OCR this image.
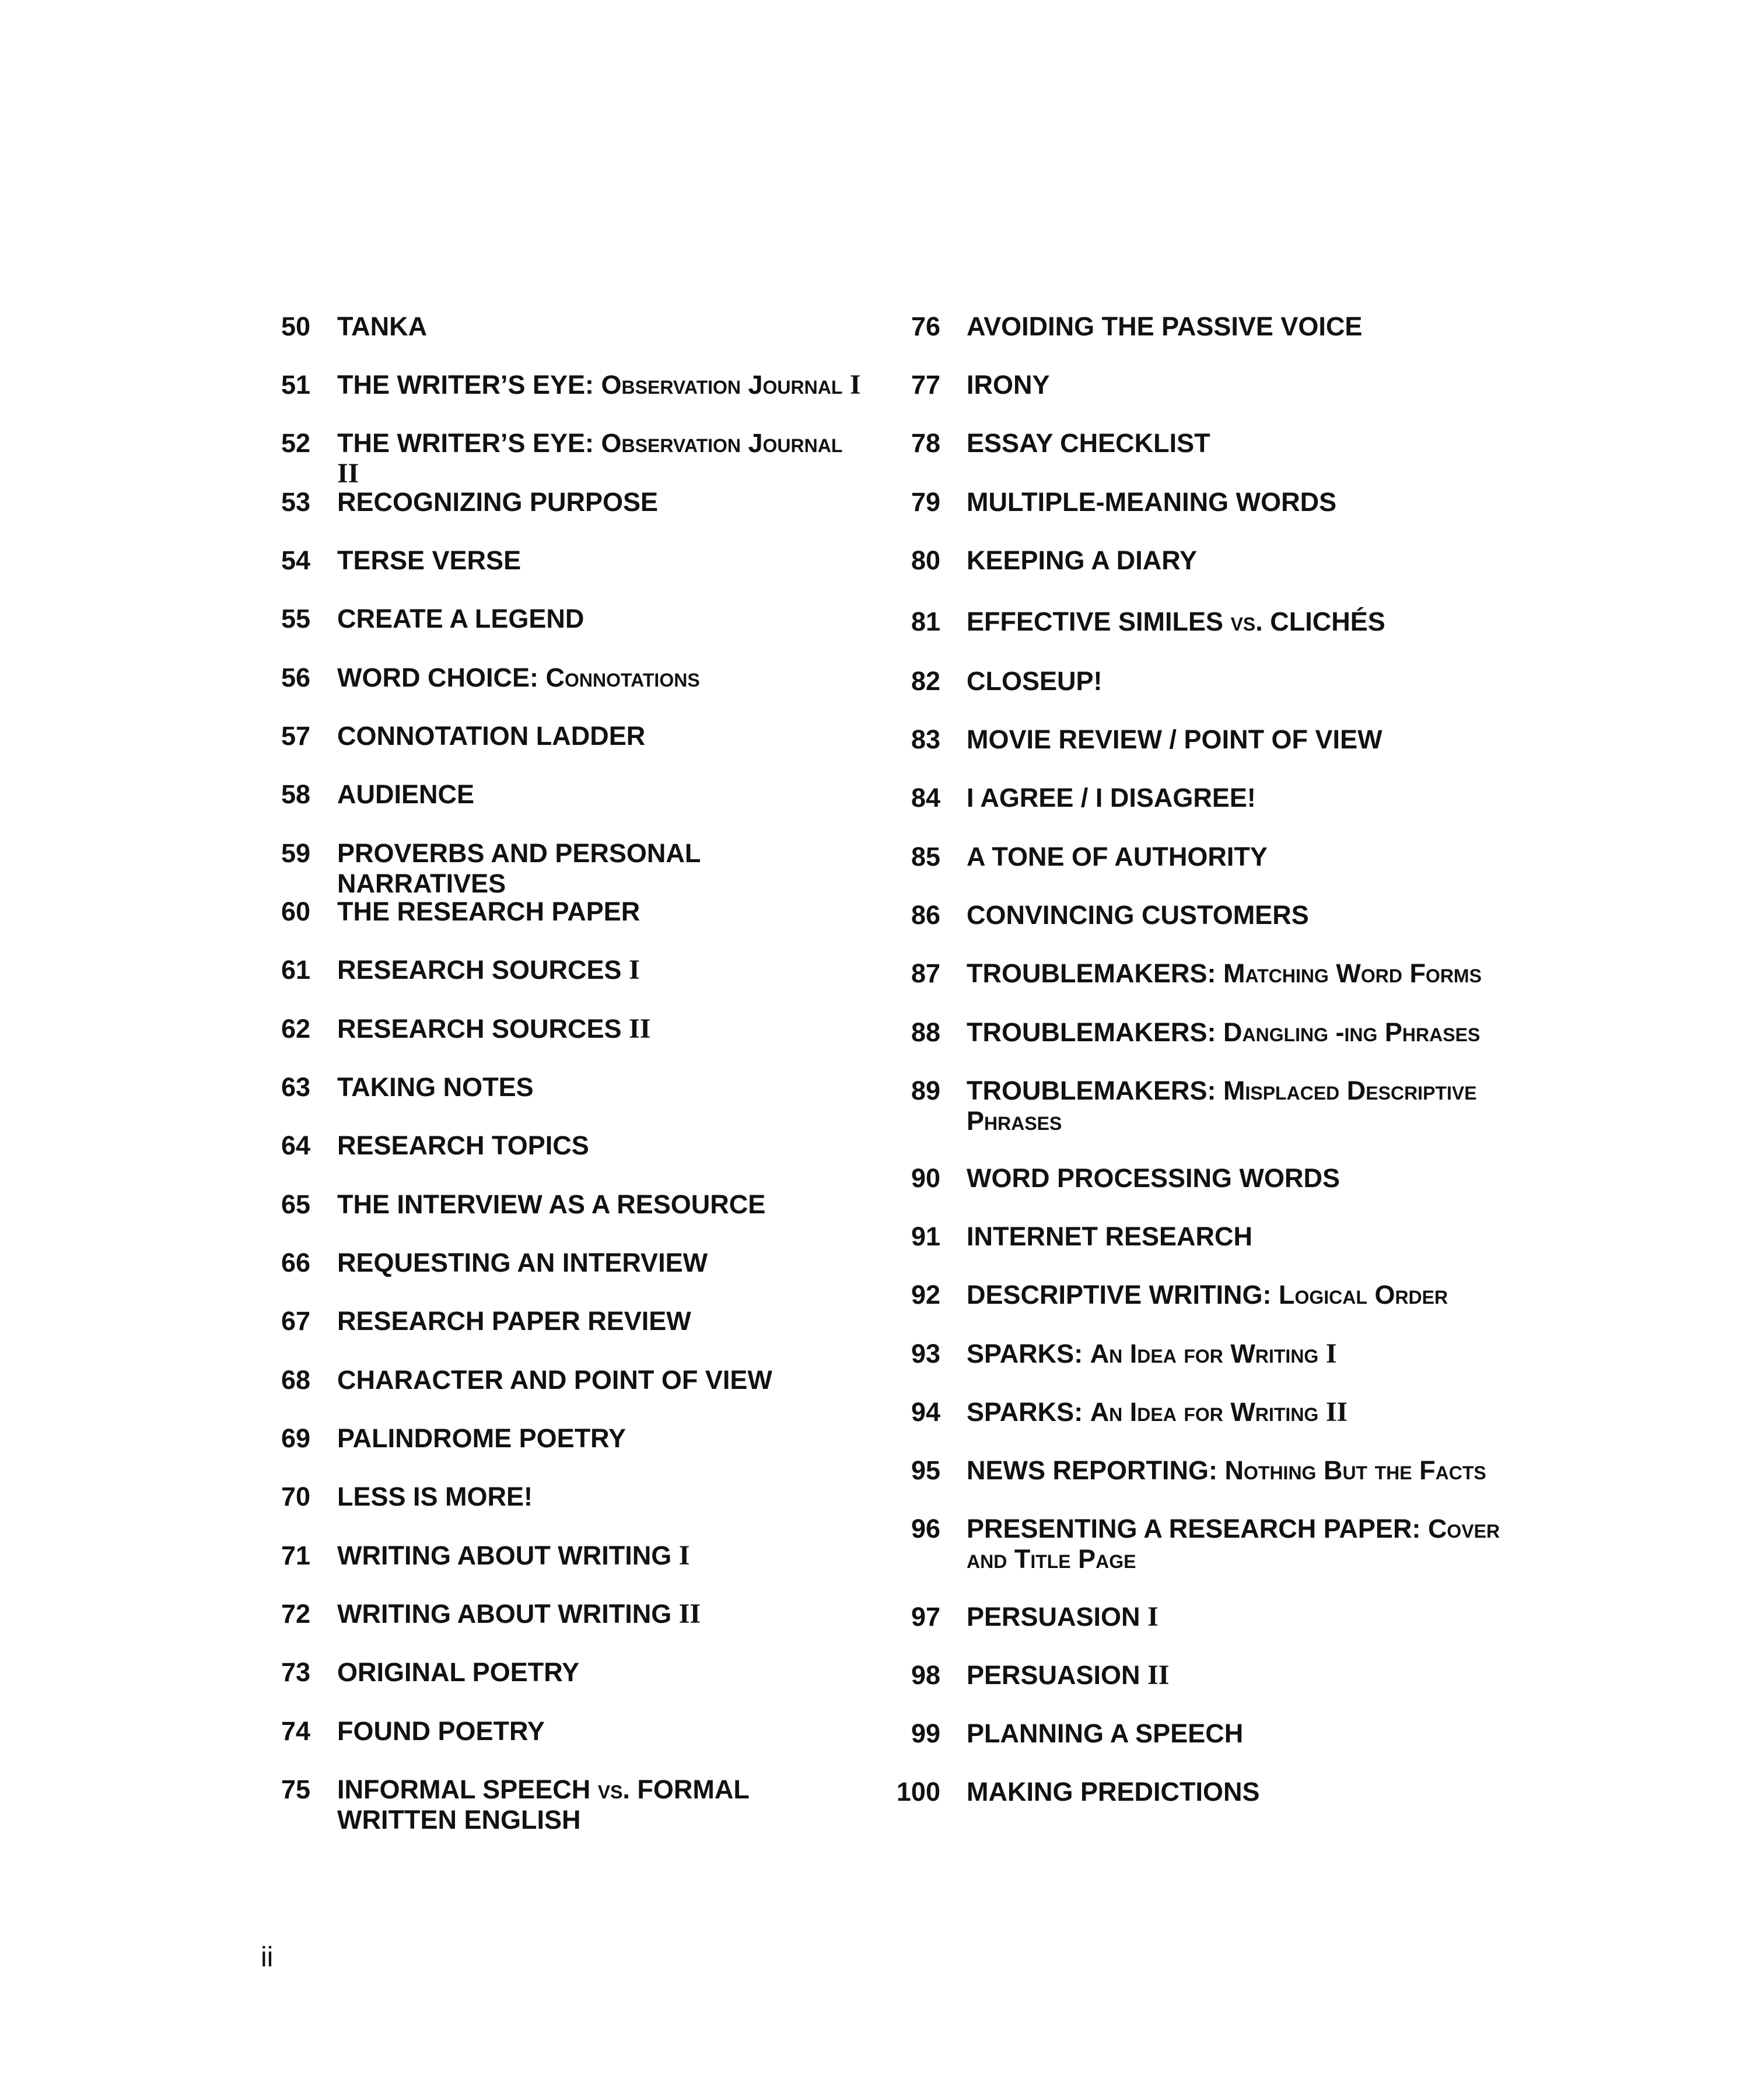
50 TANKA
51 THE WRITER’S EYE: Observation Journal I
52 THE WRITER’S EYE: Observation Journal II
53 RECOGNIZING PURPOSE
54 TERSE VERSE
55 CREATE A LEGEND
56 WORD CHOICE: Connotations
57 CONNOTATION LADDER
58 AUDIENCE
59 PROVERBS AND PERSONAL NARRATIVES
60 THE RESEARCH PAPER
61 RESEARCH SOURCES I
62 RESEARCH SOURCES II
63 TAKING NOTES
64 RESEARCH TOPICS
65 THE INTERVIEW AS A RESOURCE
66 REQUESTING AN INTERVIEW
67 RESEARCH PAPER REVIEW
68 CHARACTER AND POINT OF VIEW
69 PALINDROME POETRY
70 LESS IS MORE!
71 WRITING ABOUT WRITING I
72 WRITING ABOUT WRITING II
73 ORIGINAL POETRY
74 FOUND POETRY
75 INFORMAL SPEECH vs. FORMAL WRITTEN ENGLISH
76 AVOIDING THE PASSIVE VOICE
77 IRONY
78 ESSAY CHECKLIST
79 MULTIPLE-MEANING WORDS
80 KEEPING A DIARY
81 EFFECTIVE SIMILES vs. CLICHÉS
82 CLOSEUP!
83 MOVIE REVIEW / POINT OF VIEW
84 I AGREE / I DISAGREE!
85 A TONE OF AUTHORITY
86 CONVINCING CUSTOMERS
87 TROUBLEMAKERS: Matching Word Forms
88 TROUBLEMAKERS: Dangling -ing Phrases
89 TROUBLEMAKERS: Misplaced Descriptive Phrases
90 WORD PROCESSING WORDS
91 INTERNET RESEARCH
92 DESCRIPTIVE WRITING: Logical Order
93 SPARKS: An Idea for Writing I
94 SPARKS: An Idea for Writing II
95 NEWS REPORTING: Nothing But the Facts
96 PRESENTING A RESEARCH PAPER: Cover and Title Page
97 PERSUASION I
98 PERSUASION II
99 PLANNING A SPEECH
100 MAKING PREDICTIONS
ii
